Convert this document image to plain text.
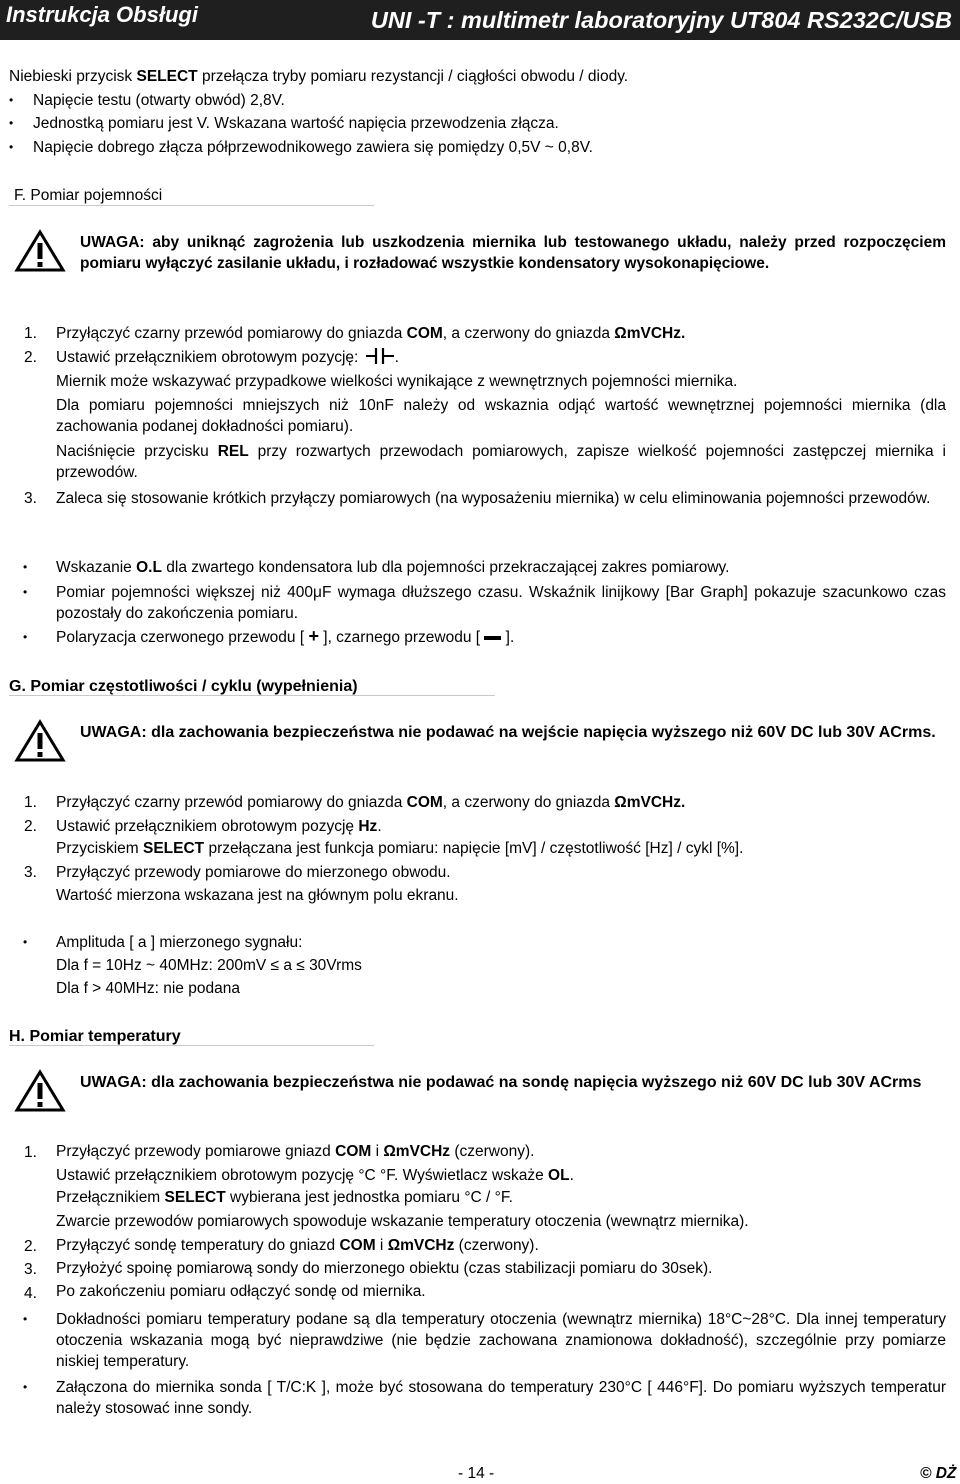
Instrukcja Obsługi	UNI -T : multimetr laboratoryjny UT804 RS232C/USB
Niebieski przycisk SELECT przełącza tryby pomiaru rezystancji / ciągłości obwodu / diody.
• Napięcie testu (otwarty obwód) 2,8V.
• Jednostką pomiaru jest V. Wskazana wartość napięcia przewodzenia złącza.
• Napięcie dobrego złącza półprzewodnikowego zawiera się pomiędzy 0,5V ~ 0,8V.
F. Pomiar pojemności
UWAGA: aby uniknąć zagrożenia lub uszkodzenia miernika lub testowanego układu, należy przed rozpoczęciem pomiaru wyłączyć zasilanie układu, i rozładować wszystkie kondensatory wysokonapięciowe.
1. Przyłączyć czarny przewód pomiarowy do gniazda COM, a czerwony do gniazda ΩmVCHz.
2. Ustawić przełącznikiem obrotowym pozycję: .
Miernik może wskazywać przypadkowe wielkości wynikające z wewnętrznych pojemności miernika.
Dla pomiaru pojemności mniejszych niż 10nF należy od wskaznia odjąć wartość wewnętrznej pojemności miernika (dla zachowania podanej dokładności pomiaru).
Naciśnięcie przycisku REL przy rozwartych przewodach pomiarowych, zapisze wielkość pojemności zastępczej miernika i przewodów.
3. Zaleca się stosowanie krótkich przyłączy pomiarowych (na wyposażeniu miernika) w celu eliminowania pojemności przewodów.
• Wskazanie O.L dla zwartego kondensatora lub dla pojemności przekraczającej zakres pomiarowy.
• Pomiar pojemności większej niż 400μF wymaga dłuższego czasu. Wskaźnik linijkowy [Bar Graph] pokazuje szacunkowo czas pozostały do zakończenia pomiaru.
• Polaryzacja czerwonego przewodu [ + ], czarnego przewodu [  ].
G. Pomiar częstotliwości / cyklu (wypełnienia)
UWAGA: dla zachowania bezpieczeństwa nie podawać na wejście napięcia wyższego niż 60V DC lub 30V ACrms.
1. Przyłączyć czarny przewód pomiarowy do gniazda COM, a czerwony do gniazda ΩmVCHz.
2. Ustawić przełącznikiem obrotowym pozycję Hz.
Przyciskiem SELECT przełączana jest funkcja pomiaru: napięcie [mV] / częstotliwość [Hz] / cykl [%].
3. Przyłączyć przewody pomiarowe do mierzonego obwodu.
Wartość mierzona wskazana jest na głównym polu ekranu.
• Amplituda [ a ] mierzonego sygnału:
Dla f = 10Hz ~ 40MHz: 200mV ≤ a ≤ 30Vrms
Dla f > 40MHz: nie podana
H. Pomiar temperatury
UWAGA: dla zachowania bezpieczeństwa nie podawać na sondę napięcia wyższego niż 60V DC lub 30V ACrms
1. Przyłączyć przewody pomiarowe gniazd COM i ΩmVCHz (czerwony).
Ustawić przełącznikiem obrotowym pozycję °C °F. Wyświetlacz wskaże OL.
Przełącznikiem SELECT wybierana jest jednostka pomiaru °C / °F.
Zwarcie przewodów pomiarowych spowoduje wskazanie temperatury otoczenia (wewnątrz miernika).
2. Przyłączyć sondę temperatury do gniazd COM i ΩmVCHz (czerwony).
3. Przyłożyć spoinę pomiarową sondy do mierzonego obiektu (czas stabilizacji pomiaru do 30sek).
4. Po zakończeniu pomiaru odłączyć sondę od miernika.
• Dokładności pomiaru temperatury podane są dla temperatury otoczenia (wewnątrz miernika) 18°C~28°C. Dla innej temperatury otoczenia wskazania mogą być nieprawdziwe (nie będzie zachowana znamionowa dokładność), szczególnie przy pomiarze niskiej temperatury.
• Załączona do miernika sonda [ T/C:K ], może być stosowana do temperatury 230°C [ 446°F]. Do pomiaru wyższych temperatur należy stosować inne sondy.
- 14 -	© DŻ
